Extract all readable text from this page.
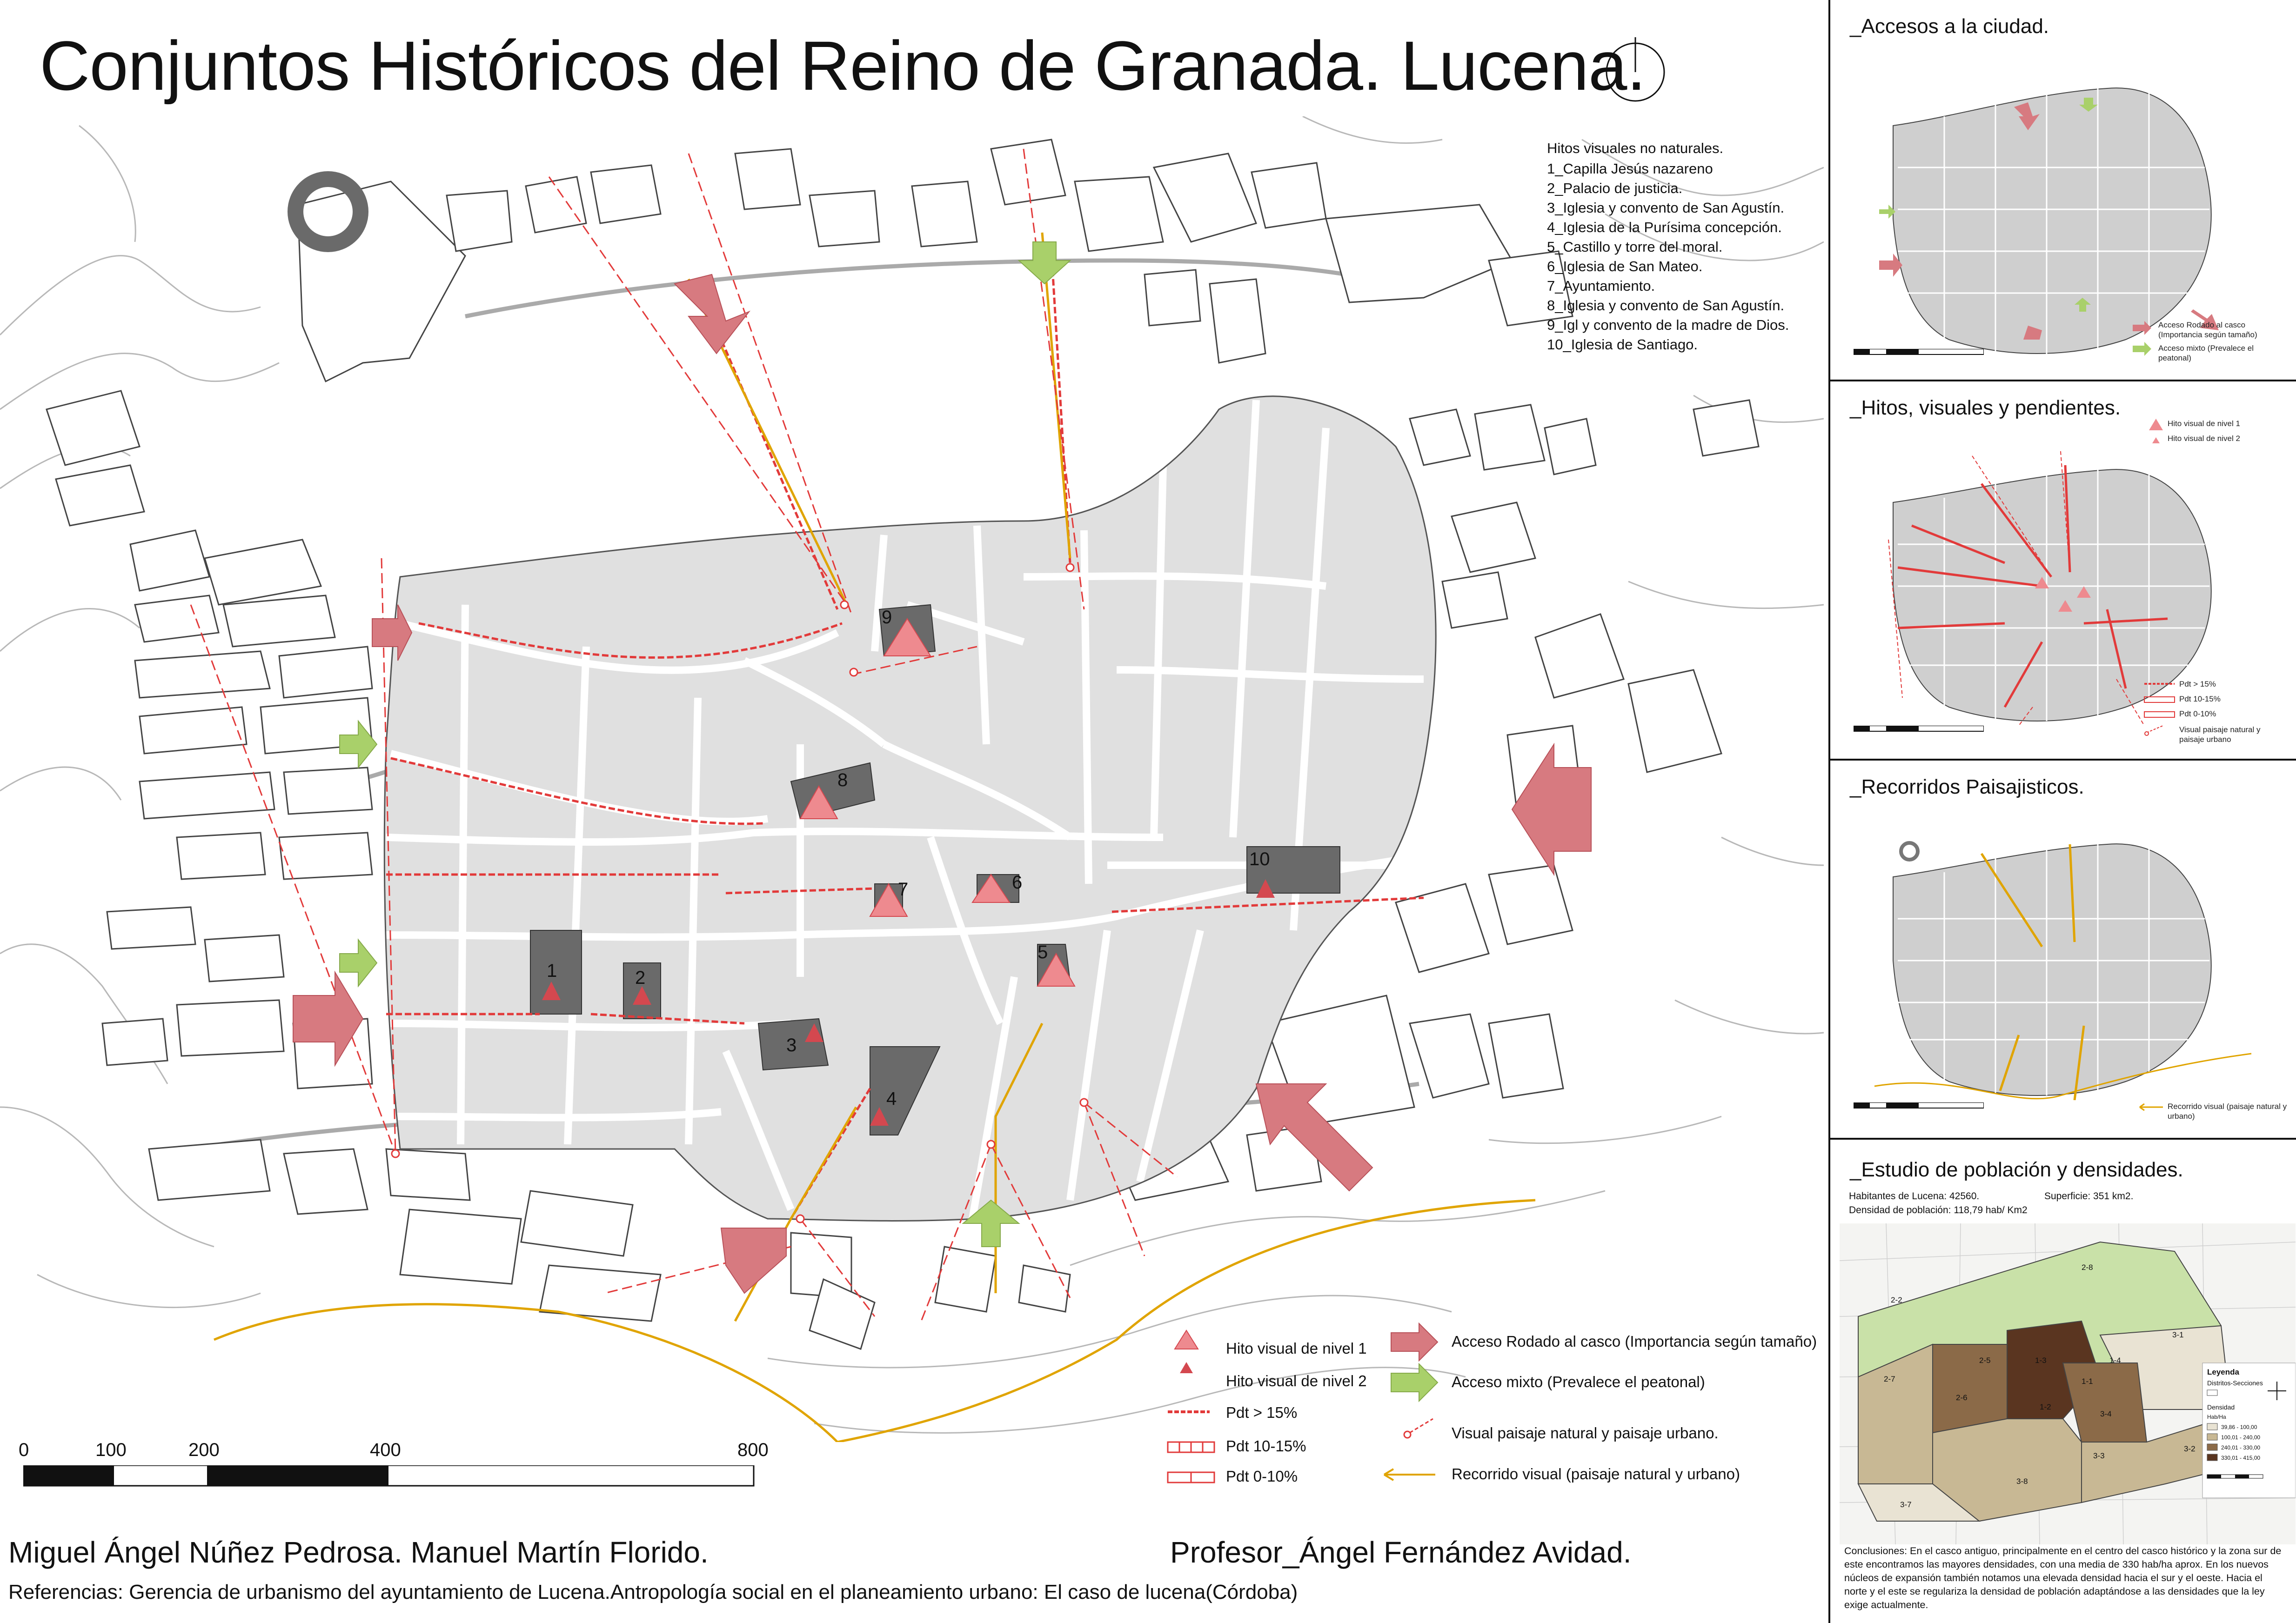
Conjuntos Históricos del Reino de Granada. Lucena.
1	2
3
4
5
6
7
8
9
10
Hitos visuales no naturales.
1_Capilla Jesús nazareno
2_Palacio de justicia.
3_Iglesia y convento de San Agustín.
4_Iglesia de la Purísima concepción.
5_Castillo y torre del moral.
6_Iglesia de San Mateo.
7_Ayuntamiento.
8_Iglesia y convento de San Agustín.
9_Igl y convento de la madre de Dios.
10_Iglesia de Santiago.
Hito visual de nivel 1
Hito visual de nivel 2
Pdt > 15%
Pdt 10-15%
Pdt 0-10%
Acceso Rodado al casco (Importancia según tamaño)
Acceso mixto (Prevalece el peatonal)
Visual paisaje natural y paisaje urbano.
Recorrido visual (paisaje natural y urbano)
0	100	200	400	800
Miguel Ángel Núñez Pedrosa. Manuel Martín Florido.	Profesor_Ángel Fernández Avidad.
Referencias: Gerencia de urbanismo del ayuntamiento de Lucena.Antropología social en el planeamiento urbano: El caso de lucena(Córdoba)
_Accesos a la ciudad.
Acceso Rodado al casco (Importancia según tamaño)
Acceso mixto (Prevalece el peatonal)
_Hitos, visuales y pendientes.
Hito visual de nivel 1
Hito visual de nivel 2
Pdt > 15%
Pdt 10-15%
Pdt 0-10%
Visual paisaje natural y paisaje urbano
_Recorridos Paisajisticos.
Recorrido visual (paisaje natural y urbano)
_Estudio de población y densidades.
Habitantes de Lucena: 42560.	Superficie: 351 km2.
Densidad de población: 118,79 hab/ Km2
2-8
2-2
3-1
2-7
2-6
2-5	1-4
1-3
1-2
1-1
3-4
3-3
3-2
3-7
3-8
Leyenda
Distritos-Secciones
Densidad
Hab/Ha
39,86 - 100,00
100,01 - 240,00
240,01 - 330,00
330,01 - 415,00
Conclusiones: En el casco antiguo, principalmente en el centro del casco histórico y la zona sur de este encontramos las mayores densidades, con una media de 330 hab/ha aprox. En los nuevos núcleos de expansión también notamos una elevada densidad hacia el sur y el oeste. Hacia el norte y el este se regulariza la densidad de población adaptándose a las densidades que la ley exige actualmente.
